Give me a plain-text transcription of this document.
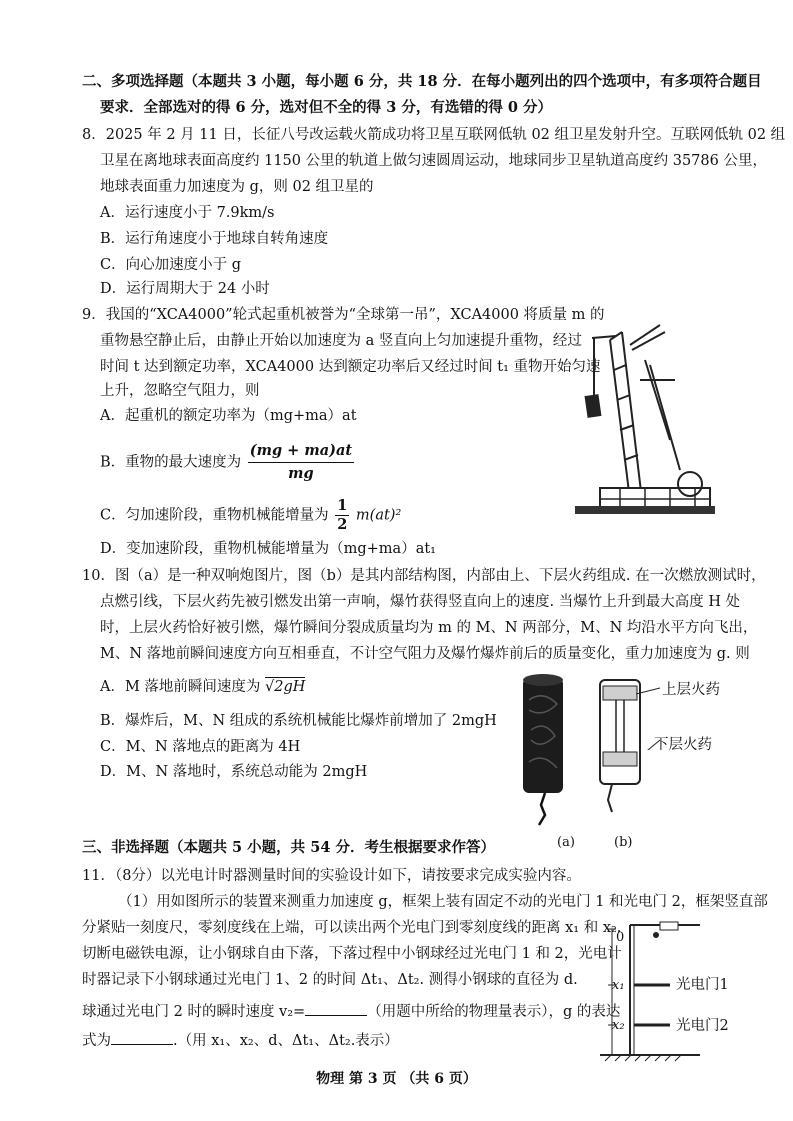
二、多项选择题（本题共 3 小题，每小题 6 分，共 18 分．在每小题列出的四个选项中，有多项符合题目
要求．全部选对的得 6 分，选对但不全的得 3 分，有选错的得 0 分）
8．2025 年 2 月 11 日，长征八号改运载火箭成功将卫星互联网低轨 02 组卫星发射升空。互联网低轨 02 组
卫星在离地球表面高度约 1150 公里的轨道上做匀速圆周运动，地球同步卫星轨道高度约 35786 公里，
地球表面重力加速度为 g，则 02 组卫星的
A．运行速度小于 7.9km/s
B．运行角速度小于地球自转角速度
C．向心加速度小于 g
D．运行周期大于 24 小时
9．我国的“XCA4000”轮式起重机被誉为“全球第一吊”，XCA4000 将质量 m 的
重物悬空静止后，由静止开始以加速度为 a 竖直向上匀加速提升重物，经过
时间 t 达到额定功率，XCA4000 达到额定功率后又经过时间 t₁ 重物开始匀速
上升，忽略空气阻力，则
A．起重机的额定功率为（mg+ma）at
B．重物的最大速度为 $\frac{(mg + ma)at}{mg}$
C．匀加速阶段，重物机械能增量为 $\frac{1}{2} m(at)^2$
D．变加速阶段，重物机械能增量为（mg+ma）at₁
10．图（a）是一种双响炮图片，图（b）是其内部结构图，内部由上、下层火药组成. 在一次燃放测试时，
点燃引线，下层火药先被引燃发出第一声响，爆竹获得竖直向上的速度. 当爆竹上升到最大高度 H 处
时，上层火药恰好被引燃，爆竹瞬间分裂成质量均为 m 的 M、N 两部分，M、N 均沿水平方向飞出，
M、N 落地前瞬间速度方向互相垂直，不计空气阻力及爆竹爆炸前后的质量变化，重力加速度为 g. 则
A．M 落地前瞬间速度为 √2gH
B．爆炸后，M、N 组成的系统机械能比爆炸前增加了 2mgH
C．M、N 落地点的距离为 4H
D．M、N 落地时，系统总动能为 2mgH
(a)
上层火药
下层火药
(b)
三、非选择题（本题共 5 小题，共 54 分．考生根据要求作答）
11．（8分）以光电计时器测量时间的实验设计如下，请按要求完成实验内容。
（1）用如图所示的装置来测重力加速度 g，框架上装有固定不动的光电门 1 和光电门 2，框架竖直部
分紧贴一刻度尺，零刻度线在上端，可以读出两个光电门到零刻度线的距离 x₁ 和 x₂.
切断电磁铁电源，让小钢球自由下落，下落过程中小钢球经过光电门 1 和 2，光电计
时器记录下小钢球通过光电门 1、2 的时间 Δt₁、Δt₂. 测得小钢球的直径为 d.
球通过光电门 2 时的瞬时速度 v₂=	（用题中所给的物理量表示），g 的表达
式为	.（用 x₁、x₂、d、Δt₁、Δt₂.表示）
0
x₁
x₂
光电门1
光电门2
物理 第 3 页 （共 6 页）
